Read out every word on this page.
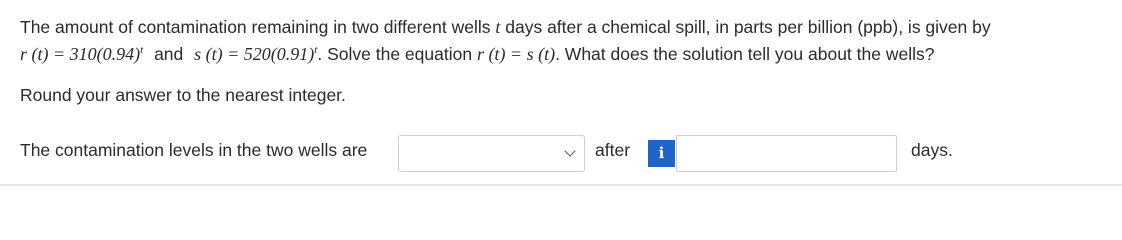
The amount of contamination remaining in two different wells t days after a chemical spill, in parts per billion (ppb), is given by
r $(t) = 310(0.94)^t$ and s $(t) = 520(0.91)^t$. Solve the equation r (t) = s (t). What does the solution tell you about the wells?
Round your answer to the nearest integer.
The contamination levels in the two wells are	after	days.
i
